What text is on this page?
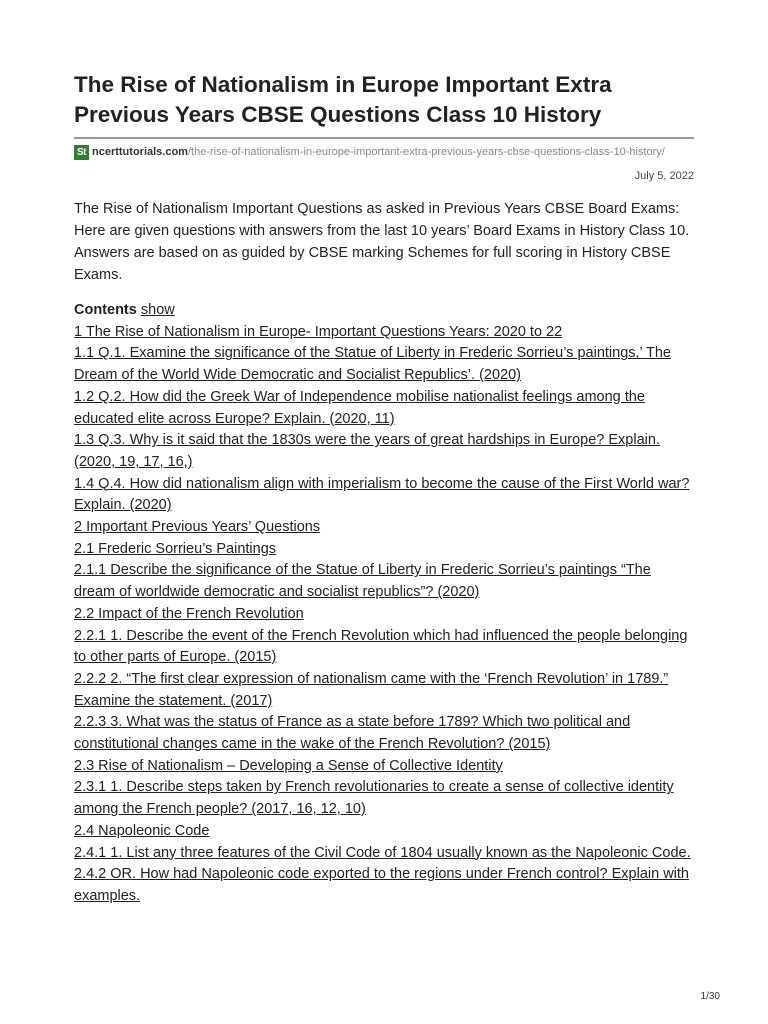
The Rise of Nationalism in Europe Important Extra Previous Years CBSE Questions Class 10 History
St ncerttutorials.com/the-rise-of-nationalism-in-europe-important-extra-previous-years-cbse-questions-class-10-history/
July 5, 2022

The Rise of Nationalism Important Questions as asked in Previous Years CBSE Board Exams: Here are given questions with answers from the last 10 years’ Board Exams in History Class 10. Answers are based on as guided by CBSE marking Schemes for full scoring in History CBSE Exams.

Contents show
1 The Rise of Nationalism in Europe- Important Questions Years: 2020 to 22
1.1 Q.1. Examine the significance of the Statue of Liberty in Frederic Sorrieu’s paintings,’ The Dream of the World Wide Democratic and Socialist Republics’. (2020)
1.2 Q.2. How did the Greek War of Independence mobilise nationalist feelings among the educated elite across Europe? Explain. (2020, 11)
1.3 Q.3. Why is it said that the 1830s were the years of great hardships in Europe? Explain. (2020, 19, 17, 16,)
1.4 Q.4. How did nationalism align with imperialism to become the cause of the First World war? Explain. (2020)
2 Important Previous Years’ Questions
2.1 Frederic Sorrieu’s Paintings
2.1.1 Describe the significance of the Statue of Liberty in Frederic Sorrieu’s paintings “The dream of worldwide democratic and socialist republics”? (2020)
2.2 Impact of the French Revolution
2.2.1 1. Describe the event of the French Revolution which had influenced the people belonging to other parts of Europe. (2015)
2.2.2 2. “The first clear expression of nationalism came with the ‘French Revolution’ in 1789.” Examine the statement. (2017)
2.2.3 3. What was the status of France as a state before 1789? Which two political and constitutional changes came in the wake of the French Revolution? (2015)
2.3 Rise of Nationalism – Developing a Sense of Collective Identity
2.3.1 1. Describe steps taken by French revolutionaries to create a sense of collective identity among the French people? (2017, 16, 12, 10)
2.4 Napoleonic Code
2.4.1 1. List any three features of the Civil Code of 1804 usually known as the Napoleonic Code.
2.4.2 OR. How had Napoleonic code exported to the regions under French control? Explain with examples.
1/30
